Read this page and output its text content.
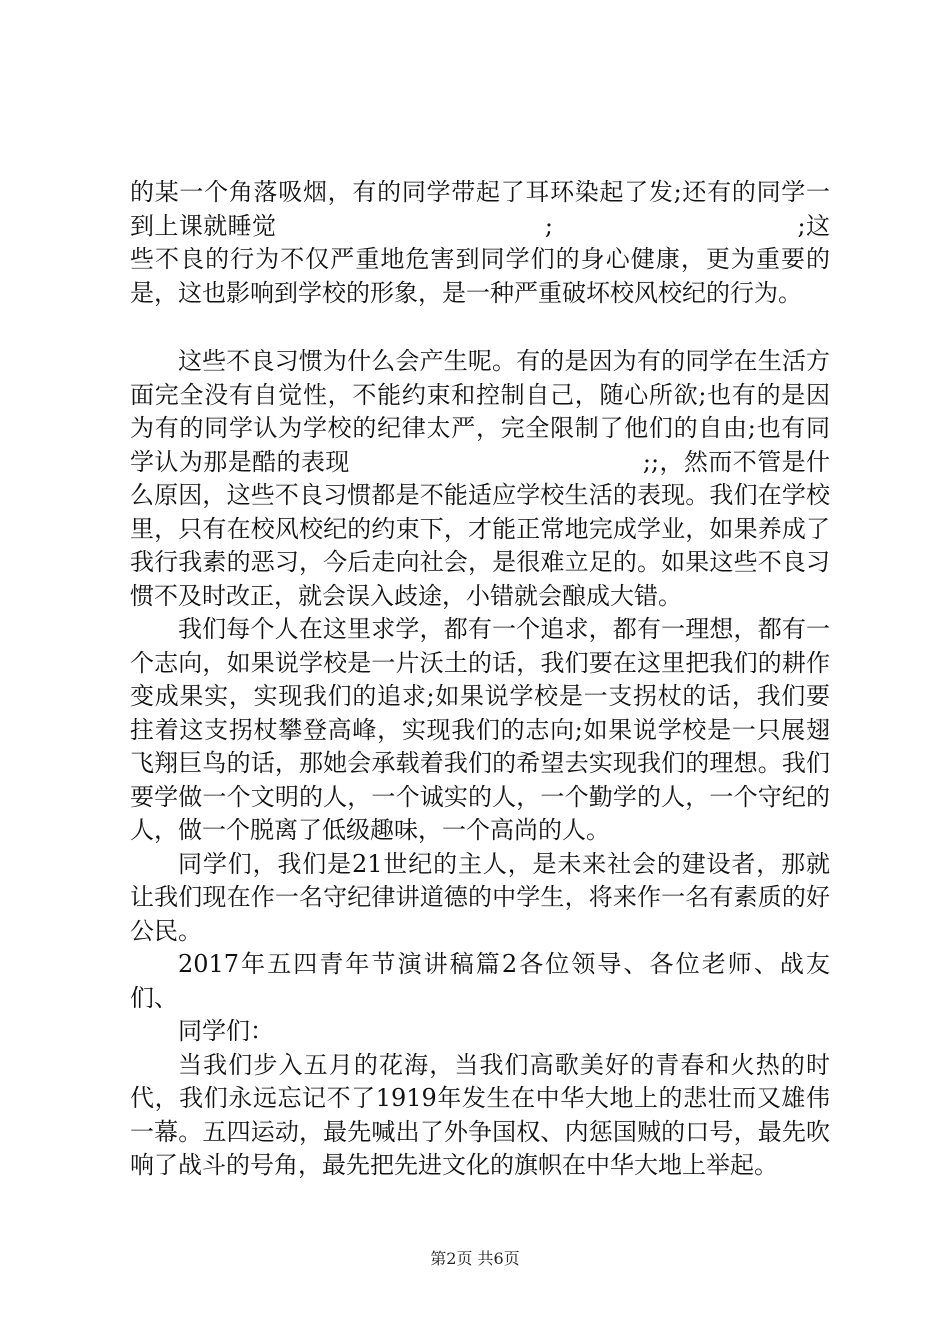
的某一个角落吸烟，有的同学带起了耳环染起了发;还有的同学一到上课就睡觉　　　　　　　　　　　;　　　　　　　　　　;这些不良的行为不仅严重地危害到同学们的身心健康，更为重要的是，这也影响到学校的形象，是一种严重破坏校风校纪的行为。

这些不良习惯为什么会产生呢。有的是因为有的同学在生活方面完全没有自觉性，不能约束和控制自己，随心所欲;也有的是因为有的同学认为学校的纪律太严，完全限制了他们的自由;也有同学认为那是酷的表现　　　　　　　　　　　　;;，然而不管是什么原因，这些不良习惯都是不能适应学校生活的表现。我们在学校里，只有在校风校纪的约束下，才能正常地完成学业，如果养成了我行我素的恶习，今后走向社会，是很难立足的。如果这些不良习惯不及时改正，就会误入歧途，小错就会酿成大错。

我们每个人在这里求学，都有一个追求，都有一理想，都有一个志向，如果说学校是一片沃土的话，我们要在这里把我们的耕作变成果实，实现我们的追求;如果说学校是一支拐杖的话，我们要拄着这支拐杖攀登高峰，实现我们的志向;如果说学校是一只展翅飞翔巨鸟的话，那她会承载着我们的希望去实现我们的理想。我们要学做一个文明的人，一个诚实的人，一个勤学的人，一个守纪的人，做一个脱离了低级趣味，一个高尚的人。

同学们，我们是21世纪的主人，是未来社会的建设者，那就让我们现在作一名守纪律讲道德的中学生，将来作一名有素质的好公民。

2017年五四青年节演讲稿篇2各位领导、各位老师、战友们、

同学们：

当我们步入五月的花海，当我们高歌美好的青春和火热的时代，我们永远忘记不了1919年发生在中华大地上的悲壮而又雄伟一幕。五四运动，最先喊出了外争国权、内惩国贼的口号，最先吹响了战斗的号角，最先把先进文化的旗帜在中华大地上举起。

第2页 共6页
